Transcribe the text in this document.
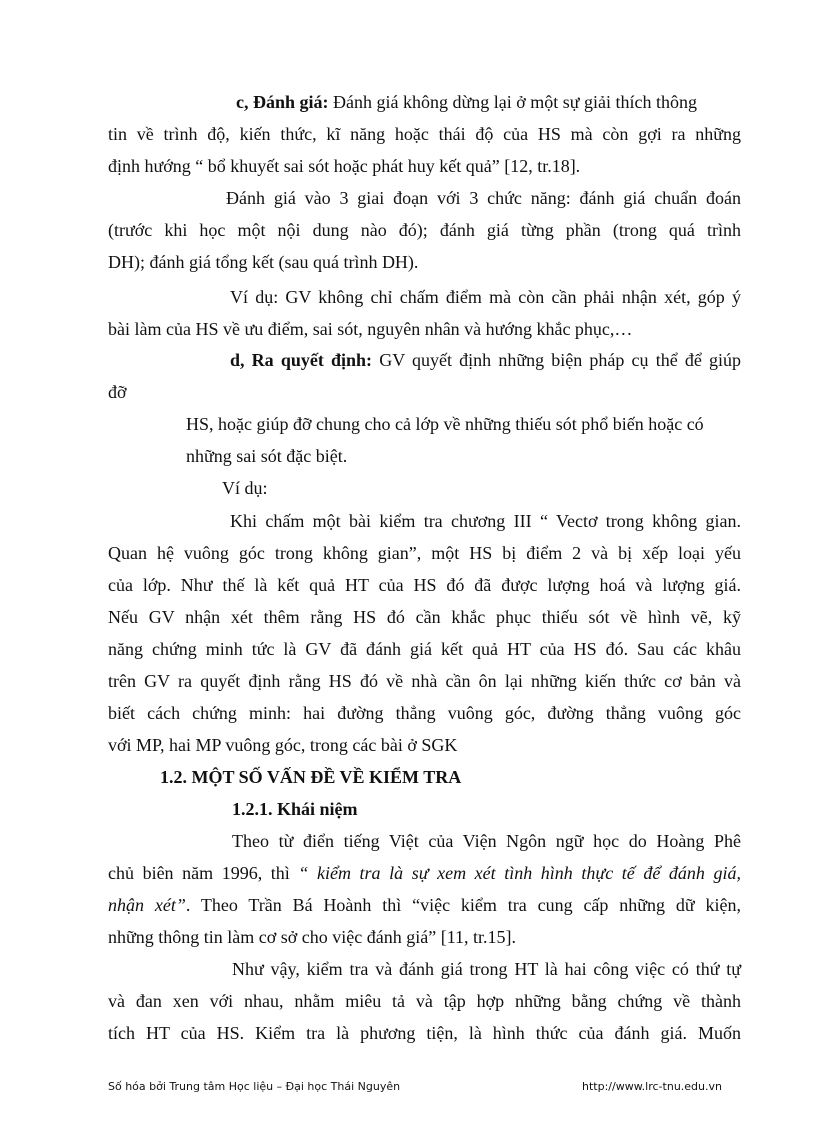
c, Đánh giá: Đánh giá không dừng lại ở một sự giải thích thông
tin về trình độ, kiến thức, kĩ năng hoặc thái độ của HS mà còn gợi ra những
định hướng “ bổ khuyết sai sót hoặc phát huy kết quả” [12, tr.18].
Đánh giá vào 3 giai đoạn với 3 chức năng: đánh giá chuẩn đoán
(trước khi học một nội dung nào đó); đánh giá từng phần (trong quá trình
DH); đánh giá tổng kết (sau quá trình DH).
Ví dụ: GV không chỉ chấm điểm mà còn cần phải nhận xét, góp ý
bài làm của HS về ưu điểm, sai sót, nguyên nhân và hướng khắc phục,…
d, Ra quyết định: GV quyết định những biện pháp cụ thể để giúp
đỡ
HS, hoặc giúp đỡ chung cho cả lớp về những thiếu sót phổ biến hoặc có
những sai sót đặc biệt.
Ví dụ:
Khi chấm một bài kiểm tra chương III “ Vectơ trong không gian.
Quan hệ vuông góc trong không gian”, một HS bị điểm 2 và bị xếp loại yếu
của lớp. Như thế là kết quả HT của HS đó đã được lượng hoá và lượng giá.
Nếu GV nhận xét thêm rằng HS đó cần khắc phục thiếu sót về hình vẽ, kỹ
năng chứng minh tức là GV đã đánh giá kết quả HT của HS đó. Sau các khâu
trên GV ra quyết định rằng HS đó về nhà cần ôn lại những kiến thức cơ bản và
biết cách chứng minh: hai đường thẳng vuông góc, đường thẳng vuông góc
với MP, hai MP vuông góc, trong các bài ở SGK
1.2. MỘT SỐ VẤN ĐỀ VỀ KIỂM TRA
1.2.1. Khái niệm
Theo từ điển tiếng Việt của Viện Ngôn ngữ học do Hoàng Phê
chủ biên năm 1996, thì “ kiểm tra là sự xem xét tình hình thực tế để đánh giá,
nhận xét”. Theo Trần Bá Hoành thì “việc kiểm tra cung cấp những dữ kiện,
những thông tin làm cơ sở cho việc đánh giá” [11, tr.15].
Như vậy, kiểm tra và đánh giá trong HT là hai công việc có thứ tự
và đan xen với nhau, nhằm miêu tả và tập hợp những bằng chứng về thành
tích HT của HS. Kiểm tra là phương tiện, là hình thức của đánh giá. Muốn
Số hóa bởi Trung tâm Học liệu – Đại học Thái Nguyên	http://www.lrc-tnu.edu.vn
